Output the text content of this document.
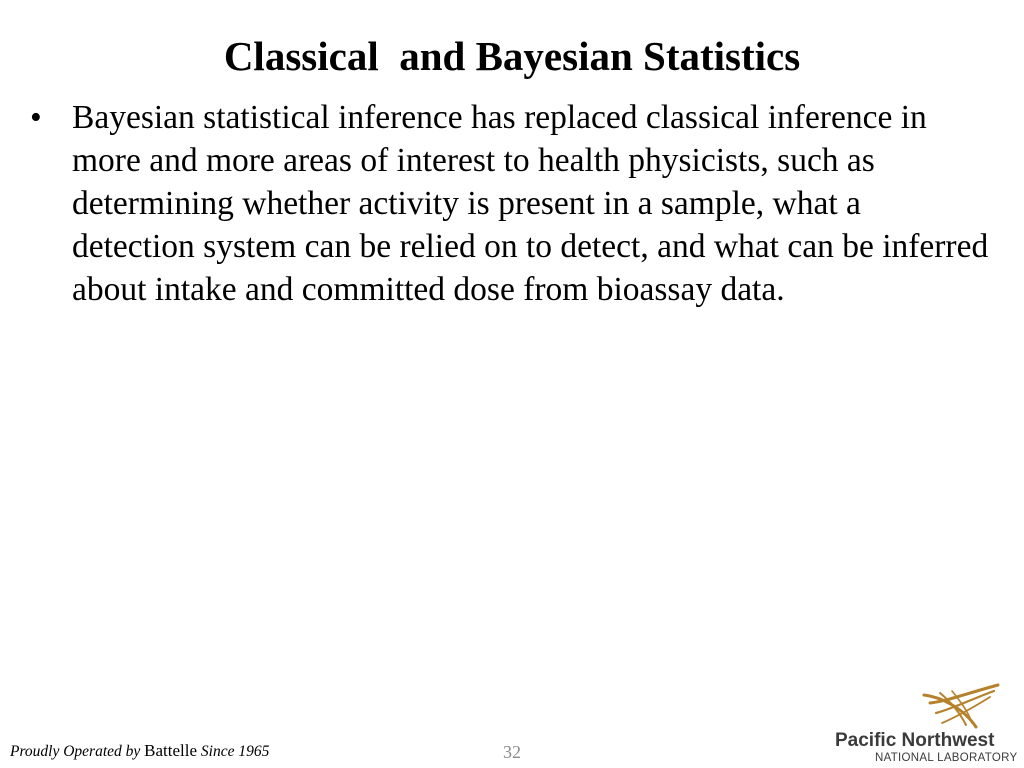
Classical  and Bayesian Statistics
• Bayesian statistical inference has replaced classical inference in more and more areas of interest to health physicists, such as determining whether activity is present in a sample, what a detection system can be relied on to detect, and what can be inferred about intake and committed dose from bioassay data.
Proudly Operated by Battelle Since 1965	32
Pacific Northwest
NATIONAL LABORATORY
